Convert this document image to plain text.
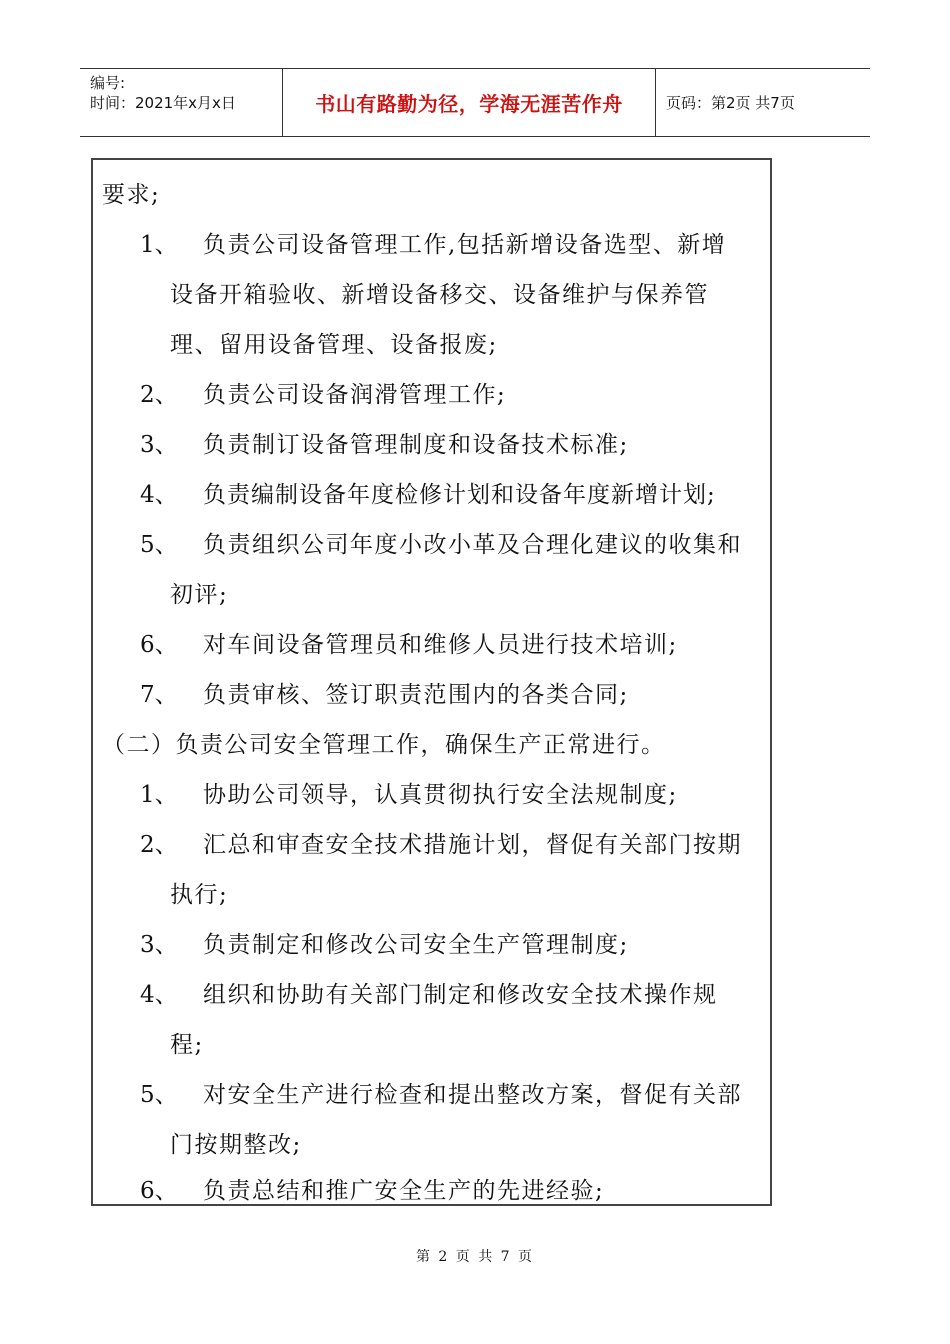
编号:
时间：2021年x月x日	书山有路勤为径，学海无涯苦作舟	页码：第2页 共7页
要求;
1、 负责公司设备管理工作,包括新增设备选型、新增
设备开箱验收、新增设备移交、设备维护与保养管
理、留用设备管理、设备报废;
2、 负责公司设备润滑管理工作;
3、 负责制订设备管理制度和设备技术标准;
4、 负责编制设备年度检修计划和设备年度新增计划;
5、 负责组织公司年度小改小革及合理化建议的收集和
初评;
6、 对车间设备管理员和维修人员进行技术培训;
7、 负责审核、签订职责范围内的各类合同;
（二）负责公司安全管理工作，确保生产正常进行。
1、 协助公司领导，认真贯彻执行安全法规制度;
2、 汇总和审查安全技术措施计划，督促有关部门按期
执行;
3、 负责制定和修改公司安全生产管理制度;
4、 组织和协助有关部门制定和修改安全技术操作规
程;
5、 对安全生产进行检查和提出整改方案，督促有关部
门按期整改;
6、 负责总结和推广安全生产的先进经验;
第 2 页 共 7 页
